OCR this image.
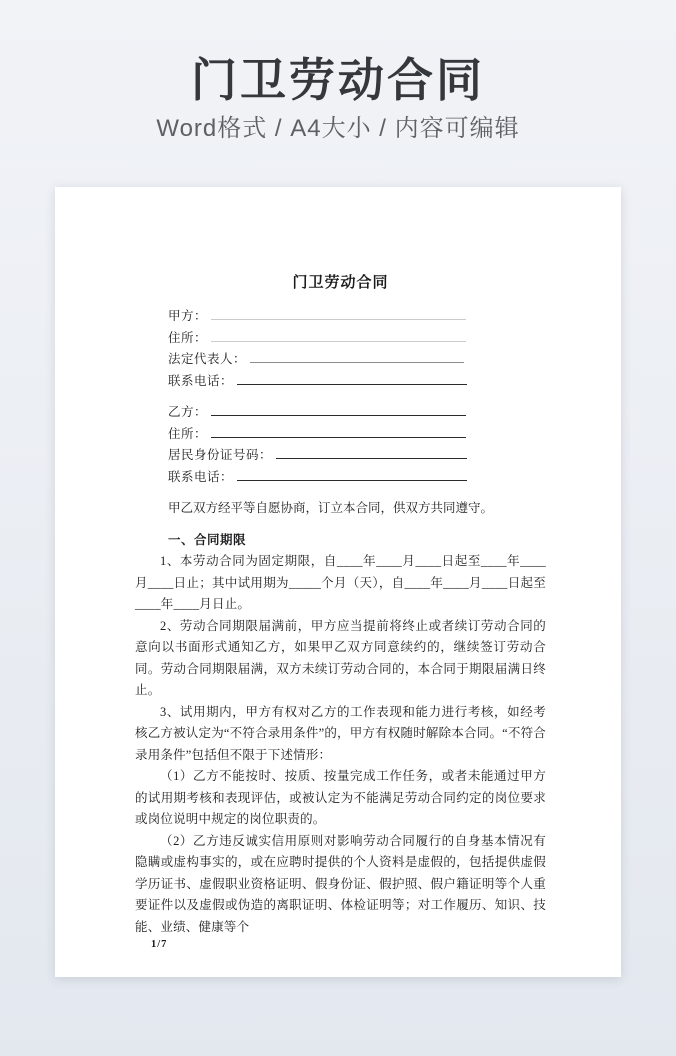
门卫劳动合同
Word格式 / A4大小 / 内容可编辑
门卫劳动合同
甲方：
住所：
法定代表人：
联系电话：
乙方：
住所：
居民身份证号码：
联系电话：

甲乙双方经平等自愿协商，订立本合同，供双方共同遵守。

一、合同期限

1、本劳动合同为固定期限，自____年____月____日起至____年____月____日止；其中试用期为_____个月（天），自____年____月____日起至____年____月日止。

2、劳动合同期限届满前，甲方应当提前将终止或者续订劳动合同的意向以书面形式通知乙方，如果甲乙双方同意续约的，继续签订劳动合同。劳动合同期限届满，双方未续订劳动合同的，本合同于期限届满日终止。

3、试用期内，甲方有权对乙方的工作表现和能力进行考核，如经考核乙方被认定为“不符合录用条件”的，甲方有权随时解除本合同。“不符合录用条件”包括但不限于下述情形：

（1）乙方不能按时、按质、按量完成工作任务，或者未能通过甲方的试用期考核和表现评估，或被认定为不能满足劳动合同约定的岗位要求或岗位说明中规定的岗位职责的。

（2）乙方违反诚实信用原则对影响劳动合同履行的自身基本情况有隐瞒或虚构事实的，或在应聘时提供的个人资料是虚假的，包括提供虚假学历证书、虚假职业资格证明、假身份证、假护照、假户籍证明等个人重要证件以及虚假或伪造的离职证明、体检证明等；对工作履历、知识、技能、业绩、健康等个

1/7
